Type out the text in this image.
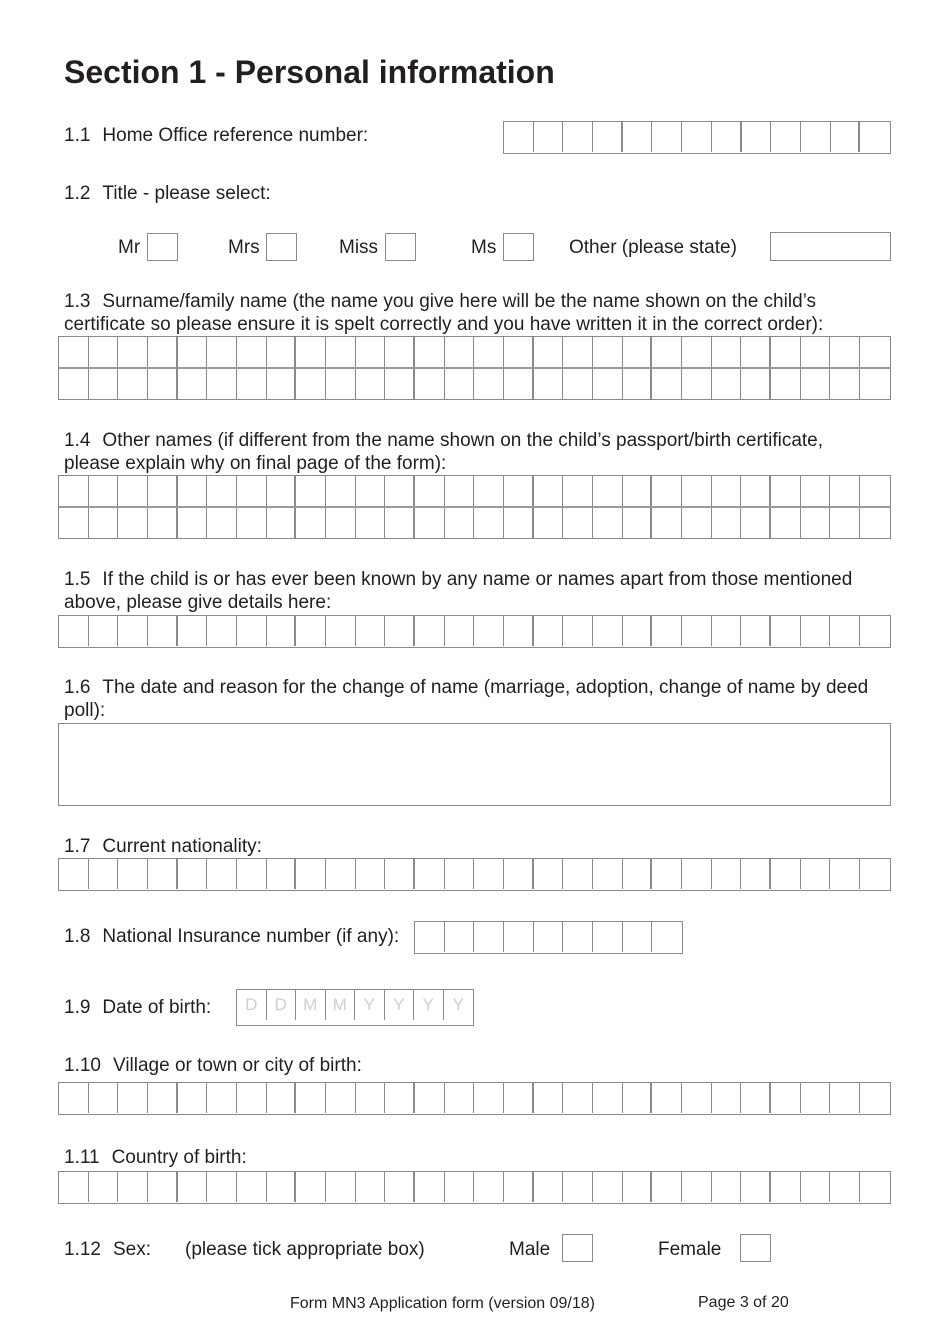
Section 1 - Personal information
1.1 Home Office reference number:
1.2 Title - please select:
Mr	Mrs	Miss	Ms	Other (please state)
1.3 Surname/family name (the name you give here will be the name shown on the child’s
certificate so please ensure it is spelt correctly and you have written it in the correct order):
1.4 Other names (if different from the name shown on the child’s passport/birth certificate,
please explain why on final page of the form):
1.5 If the child is or has ever been known by any name or names apart from those mentioned
above, please give details here:
1.6 The date and reason for the change of name (marriage, adoption, change of name by deed
poll):
1.7 Current nationality:
1.8 National Insurance number (if any):
1.9 Date of birth:	D	D M M Y	Y	Y	Y
1.10 Village or town or city of birth:
1.11 Country of birth:
1.12 Sex: (please tick appropriate box)	Male	Female
Form MN3 Application form (version 09/18)	Page 3 of 20
